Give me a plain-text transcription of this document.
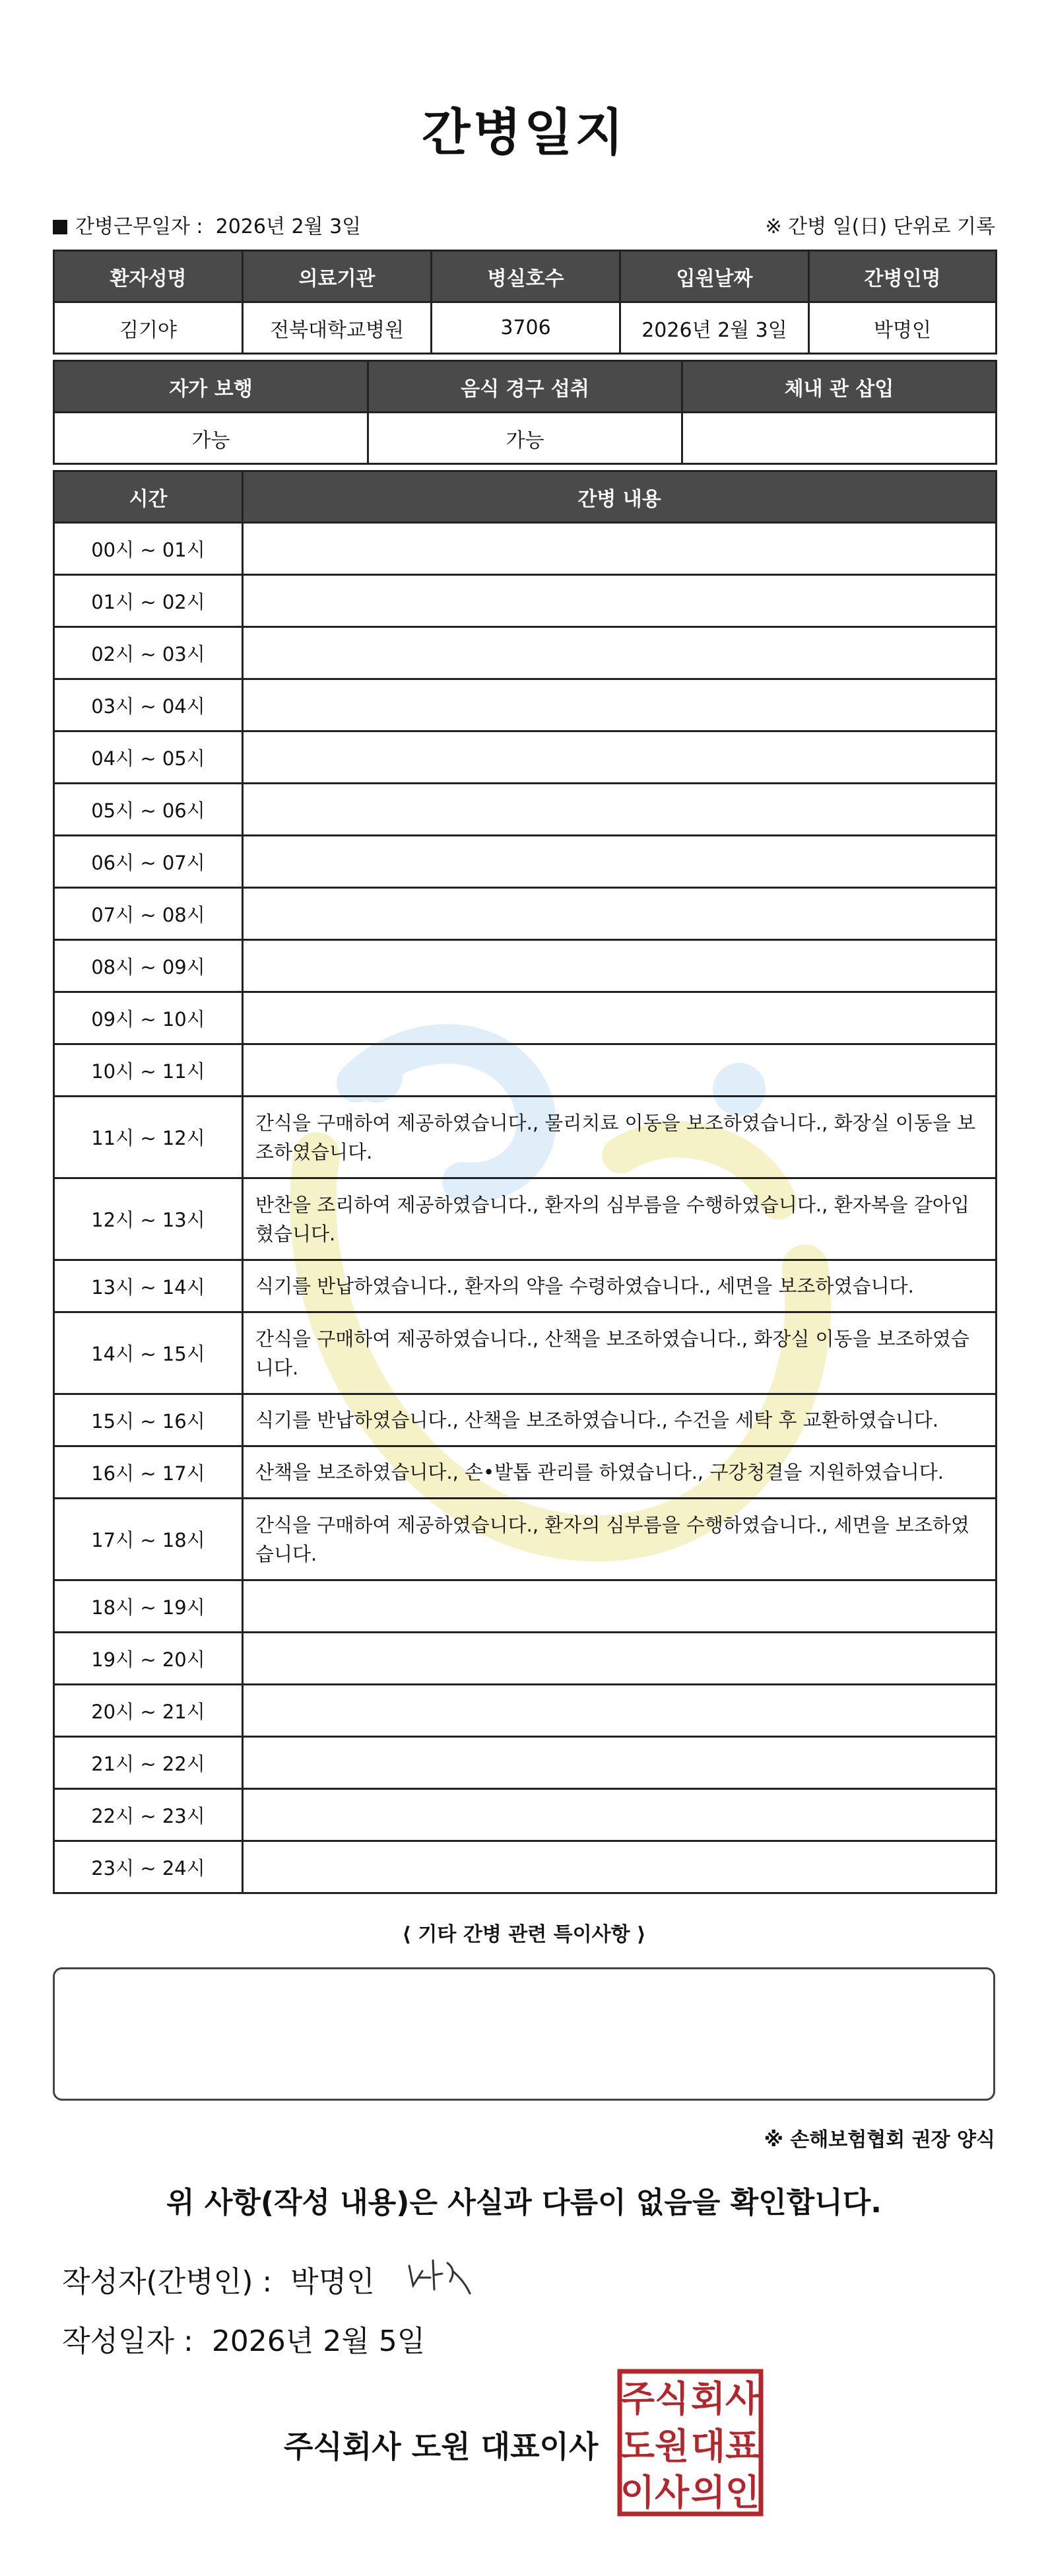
간병일지
간병근무일자 : 2026년 2월 3일	※ 간병 일(日) 단위로 기록
환자성명	의료기관	병실호수	입원날짜	간병인명
김기야	전북대학교병원	3706	2026년 2월 3일	박명인
자가 보행	음식 경구 섭취	체내 관 삽입
가능	가능	
시간	간병 내용
00시 ~ 01시	
01시 ~ 02시	
02시 ~ 03시	
03시 ~ 04시	
04시 ~ 05시	
05시 ~ 06시	
06시 ~ 07시	
07시 ~ 08시	
08시 ~ 09시	
09시 ~ 10시	
10시 ~ 11시	
11시 ~ 12시	간식을 구매하여 제공하였습니다., 물리치료 이동을 보조하였습니다., 화장실 이동을 보조하였습니다.
12시 ~ 13시	반찬을 조리하여 제공하였습니다., 환자의 심부름을 수행하였습니다., 환자복을 갈아입혔습니다.
13시 ~ 14시	식기를 반납하였습니다., 환자의 약을 수령하였습니다., 세면을 보조하였습니다.
14시 ~ 15시	간식을 구매하여 제공하였습니다., 산책을 보조하였습니다., 화장실 이동을 보조하였습니다.
15시 ~ 16시	식기를 반납하였습니다., 산책을 보조하였습니다., 수건을 세탁 후 교환하였습니다.
16시 ~ 17시	산책을 보조하였습니다., 손•발톱 관리를 하였습니다., 구강청결을 지원하였습니다.
17시 ~ 18시	간식을 구매하여 제공하였습니다., 환자의 심부름을 수행하였습니다., 세면을 보조하였습니다.
18시 ~ 19시	
19시 ~ 20시	
20시 ~ 21시	
21시 ~ 22시	
22시 ~ 23시	
23시 ~ 24시	
⟨ 기타 간병 관련 특이사항 ⟩
※ 손해보험협회 권장 양식
위 사항(작성 내용)은 사실과 다름이 없음을 확인합니다.
작성자(간병인) : 박명인
작성일자 : 2026년 2월 5일
주식회사 도원 대표이사
주식 회사
도원 대표
이사 의인
